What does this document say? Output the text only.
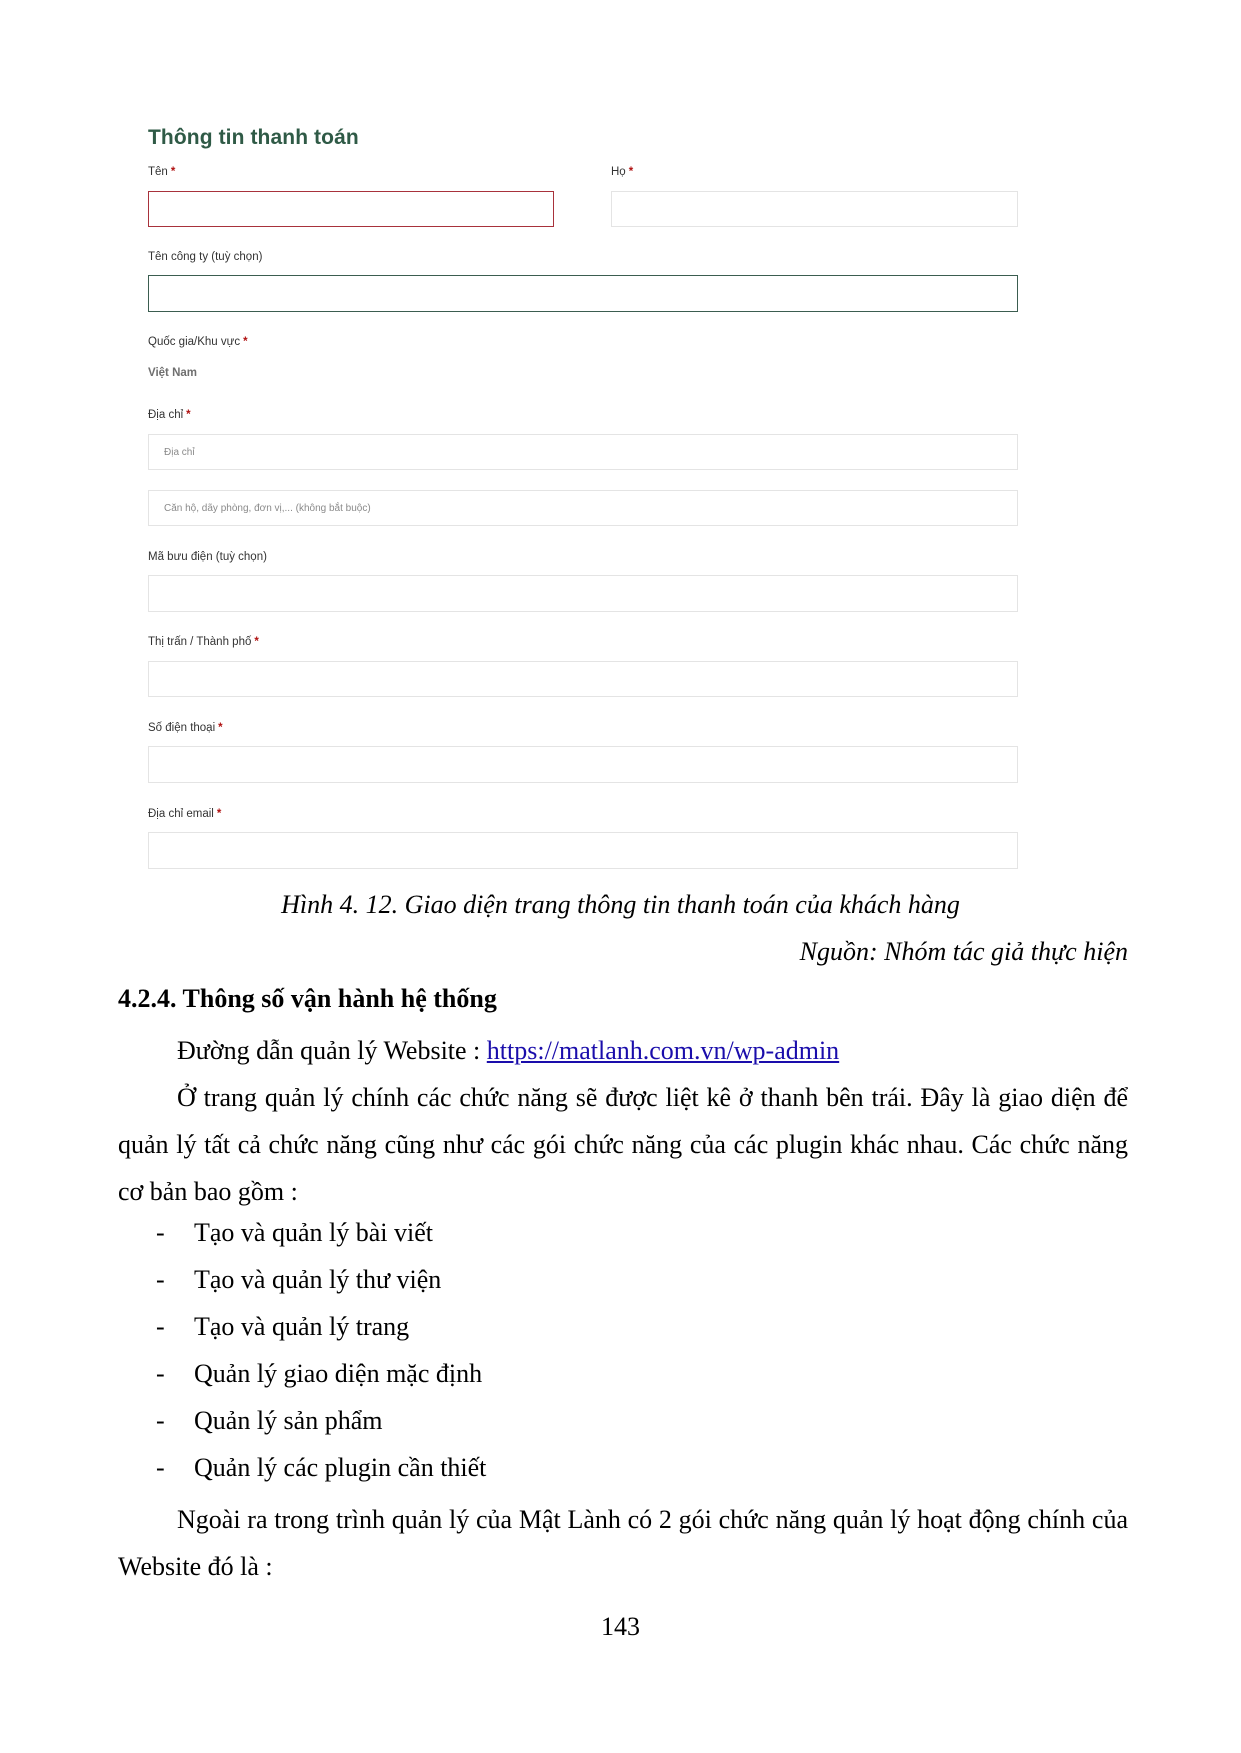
Thông tin thanh toán
Tên *	Họ *
Tên công ty (tuỳ chọn)
Quốc gia/Khu vực *
Việt Nam
Địa chỉ *
Địa chỉ
Căn hộ, dãy phòng, đơn vị,... (không bắt buộc)
Mã bưu điện (tuỳ chọn)
Thị trấn / Thành phố *
Số điện thoại *
Địa chỉ email *

Hình 4. 12. Giao diện trang thông tin thanh toán của khách hàng

Nguồn: Nhóm tác giả thực hiện

4.2.4. Thông số vận hành hệ thống

Đường dẫn quản lý Website : https://matlanh.com.vn/wp-admin

Ở trang quản lý chính các chức năng sẽ được liệt kê ở thanh bên trái. Đây là giao diện để quản lý tất cả chức năng cũng như các gói chức năng của các plugin khác nhau. Các chức năng cơ bản bao gồm :

- Tạo và quản lý bài viết
- Tạo và quản lý thư viện
- Tạo và quản lý trang
- Quản lý giao diện mặc định
- Quản lý sản phẩm
- Quản lý các plugin cần thiết

Ngoài ra trong trình quản lý của Mật Lành có 2 gói chức năng quản lý hoạt động chính của Website đó là :

143
